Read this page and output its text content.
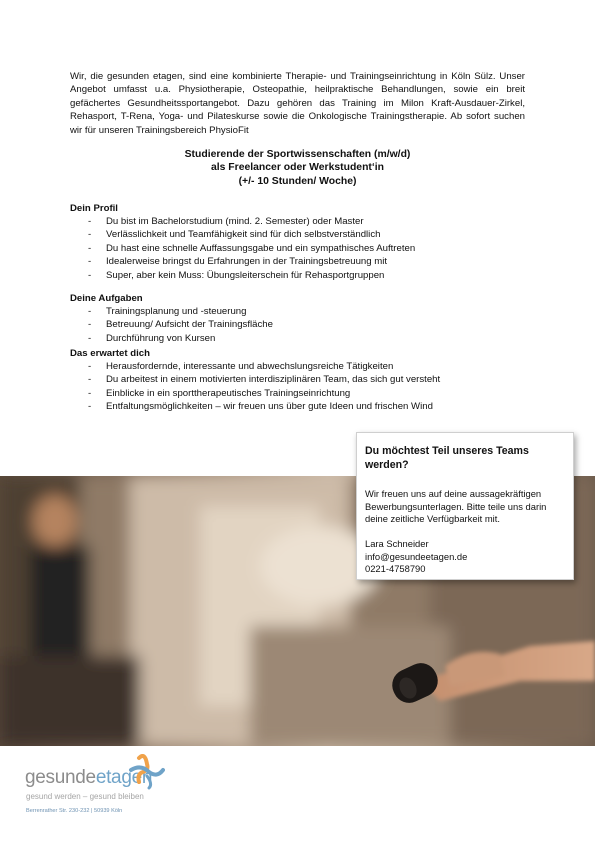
Wir, die gesunden etagen, sind eine kombinierte Therapie- und Trainingseinrichtung in Köln Sülz. Unser Angebot umfasst u.a. Physiotherapie, Osteopathie, heilpraktische Behandlungen, sowie ein breit gefächertes Gesundheitssportangebot. Dazu gehören das Training im Milon Kraft-Ausdauer-Zirkel, Rehasport, T-Rena, Yoga- und Pilateskurse sowie die Onkologische Trainingstherapie. Ab sofort suchen wir für unseren Trainingsbereich PhysioFit

Studierende der Sportwissenschaften (m/w/d)
als Freelancer oder Werkstudent‘in
(+/- 10 Stunden/ Woche)
Dein Profil
- Du bist im Bachelorstudium (mind. 2. Semester) oder Master
- Verlässlichkeit und Teamfähigkeit sind für dich selbstverständlich
- Du hast eine schnelle Auffassungsgabe und ein sympathisches Auftreten
- Idealerweise bringst du Erfahrungen in der Trainingsbetreuung mit
- Super, aber kein Muss: Übungsleiterschein für Rehasportgruppen
Deine Aufgaben
- Trainingsplanung und -steuerung
- Betreuung/ Aufsicht der Trainingsfläche
- Durchführung von Kursen
Das erwartet dich
- Herausfordernde, interessante und abwechslungsreiche Tätigkeiten
- Du arbeitest in einem motivierten interdisziplinären Team, das sich gut versteht
- Einblicke in ein sporttherapeutisches Trainingseinrichtung
- Entfaltungsmöglichkeiten – wir freuen uns über gute Ideen und frischen Wind
Du möchtest Teil unseres Teams werden?
Wir freuen uns auf deine aussagekräftigen Bewerbungsunterlagen. Bitte teile uns darin deine zeitliche Verfügbarkeit mit.
Lara Schneider
info@gesundeetagen.de
0221-4758790
gesundeetagen
gesund werden – gesund bleiben
Berrenrather Str. 230-232 | 50939 Köln
